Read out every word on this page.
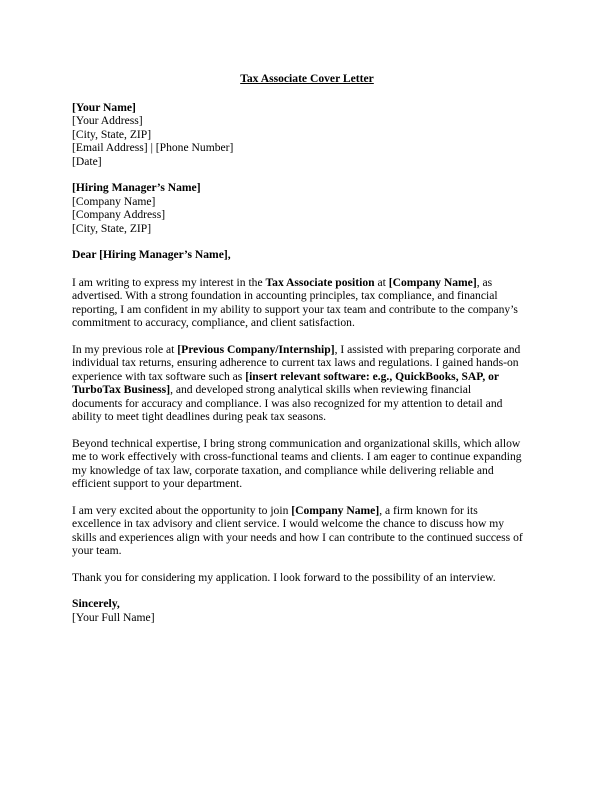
Tax Associate Cover Letter
[Your Name]
[Your Address]
[City, State, ZIP]
[Email Address] | [Phone Number]
[Date]
[Hiring Manager’s Name]
[Company Name]
[Company Address]
[City, State, ZIP]
Dear [Hiring Manager’s Name],
I am writing to express my interest in the Tax Associate position at [Company Name], as
advertised. With a strong foundation in accounting principles, tax compliance, and financial
reporting, I am confident in my ability to support your tax team and contribute to the company’s
commitment to accuracy, compliance, and client satisfaction.
In my previous role at [Previous Company/Internship], I assisted with preparing corporate and
individual tax returns, ensuring adherence to current tax laws and regulations. I gained hands-on
experience with tax software such as [insert relevant software: e.g., QuickBooks, SAP, or
TurboTax Business], and developed strong analytical skills when reviewing financial
documents for accuracy and compliance. I was also recognized for my attention to detail and
ability to meet tight deadlines during peak tax seasons.
Beyond technical expertise, I bring strong communication and organizational skills, which allow
me to work effectively with cross-functional teams and clients. I am eager to continue expanding
my knowledge of tax law, corporate taxation, and compliance while delivering reliable and
efficient support to your department.
I am very excited about the opportunity to join [Company Name], a firm known for its
excellence in tax advisory and client service. I would welcome the chance to discuss how my
skills and experiences align with your needs and how I can contribute to the continued success of
your team.
Thank you for considering my application. I look forward to the possibility of an interview.
Sincerely,
[Your Full Name]
